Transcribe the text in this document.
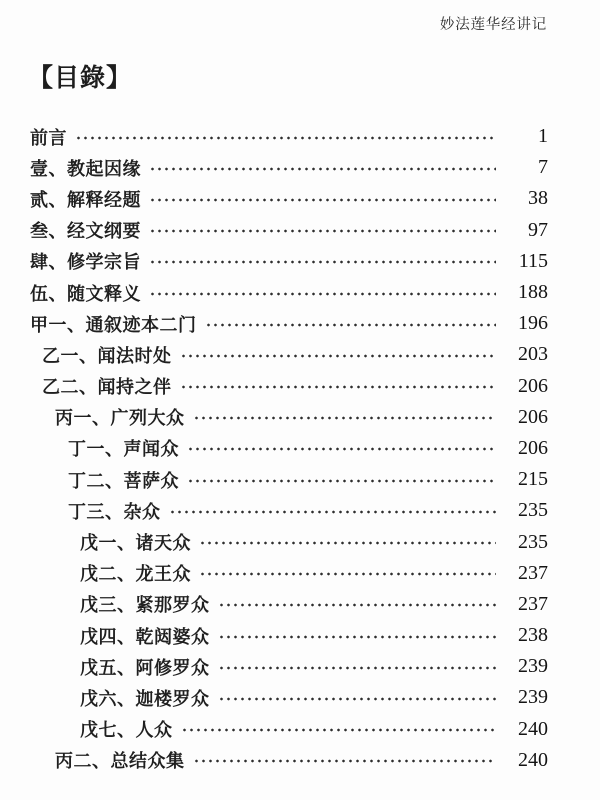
妙法莲华经讲记
【目錄】
前言	1
壹、教起因缘	7
贰、解释经题	38
叁、经文纲要	97
肆、修学宗旨	115
伍、随文释义	188
甲一、通叙迹本二门	196
乙一、闻法时处	203
乙二、闻持之伴	206
丙一、广列大众	206
丁一、声闻众	206
丁二、菩萨众	215
丁三、杂众	235
戊一、诸天众	235
戊二、龙王众	237
戊三、紧那罗众	237
戊四、乾闼婆众	238
戊五、阿修罗众	239
戊六、迦楼罗众	239
戊七、人众	240
丙二、总结众集	240
